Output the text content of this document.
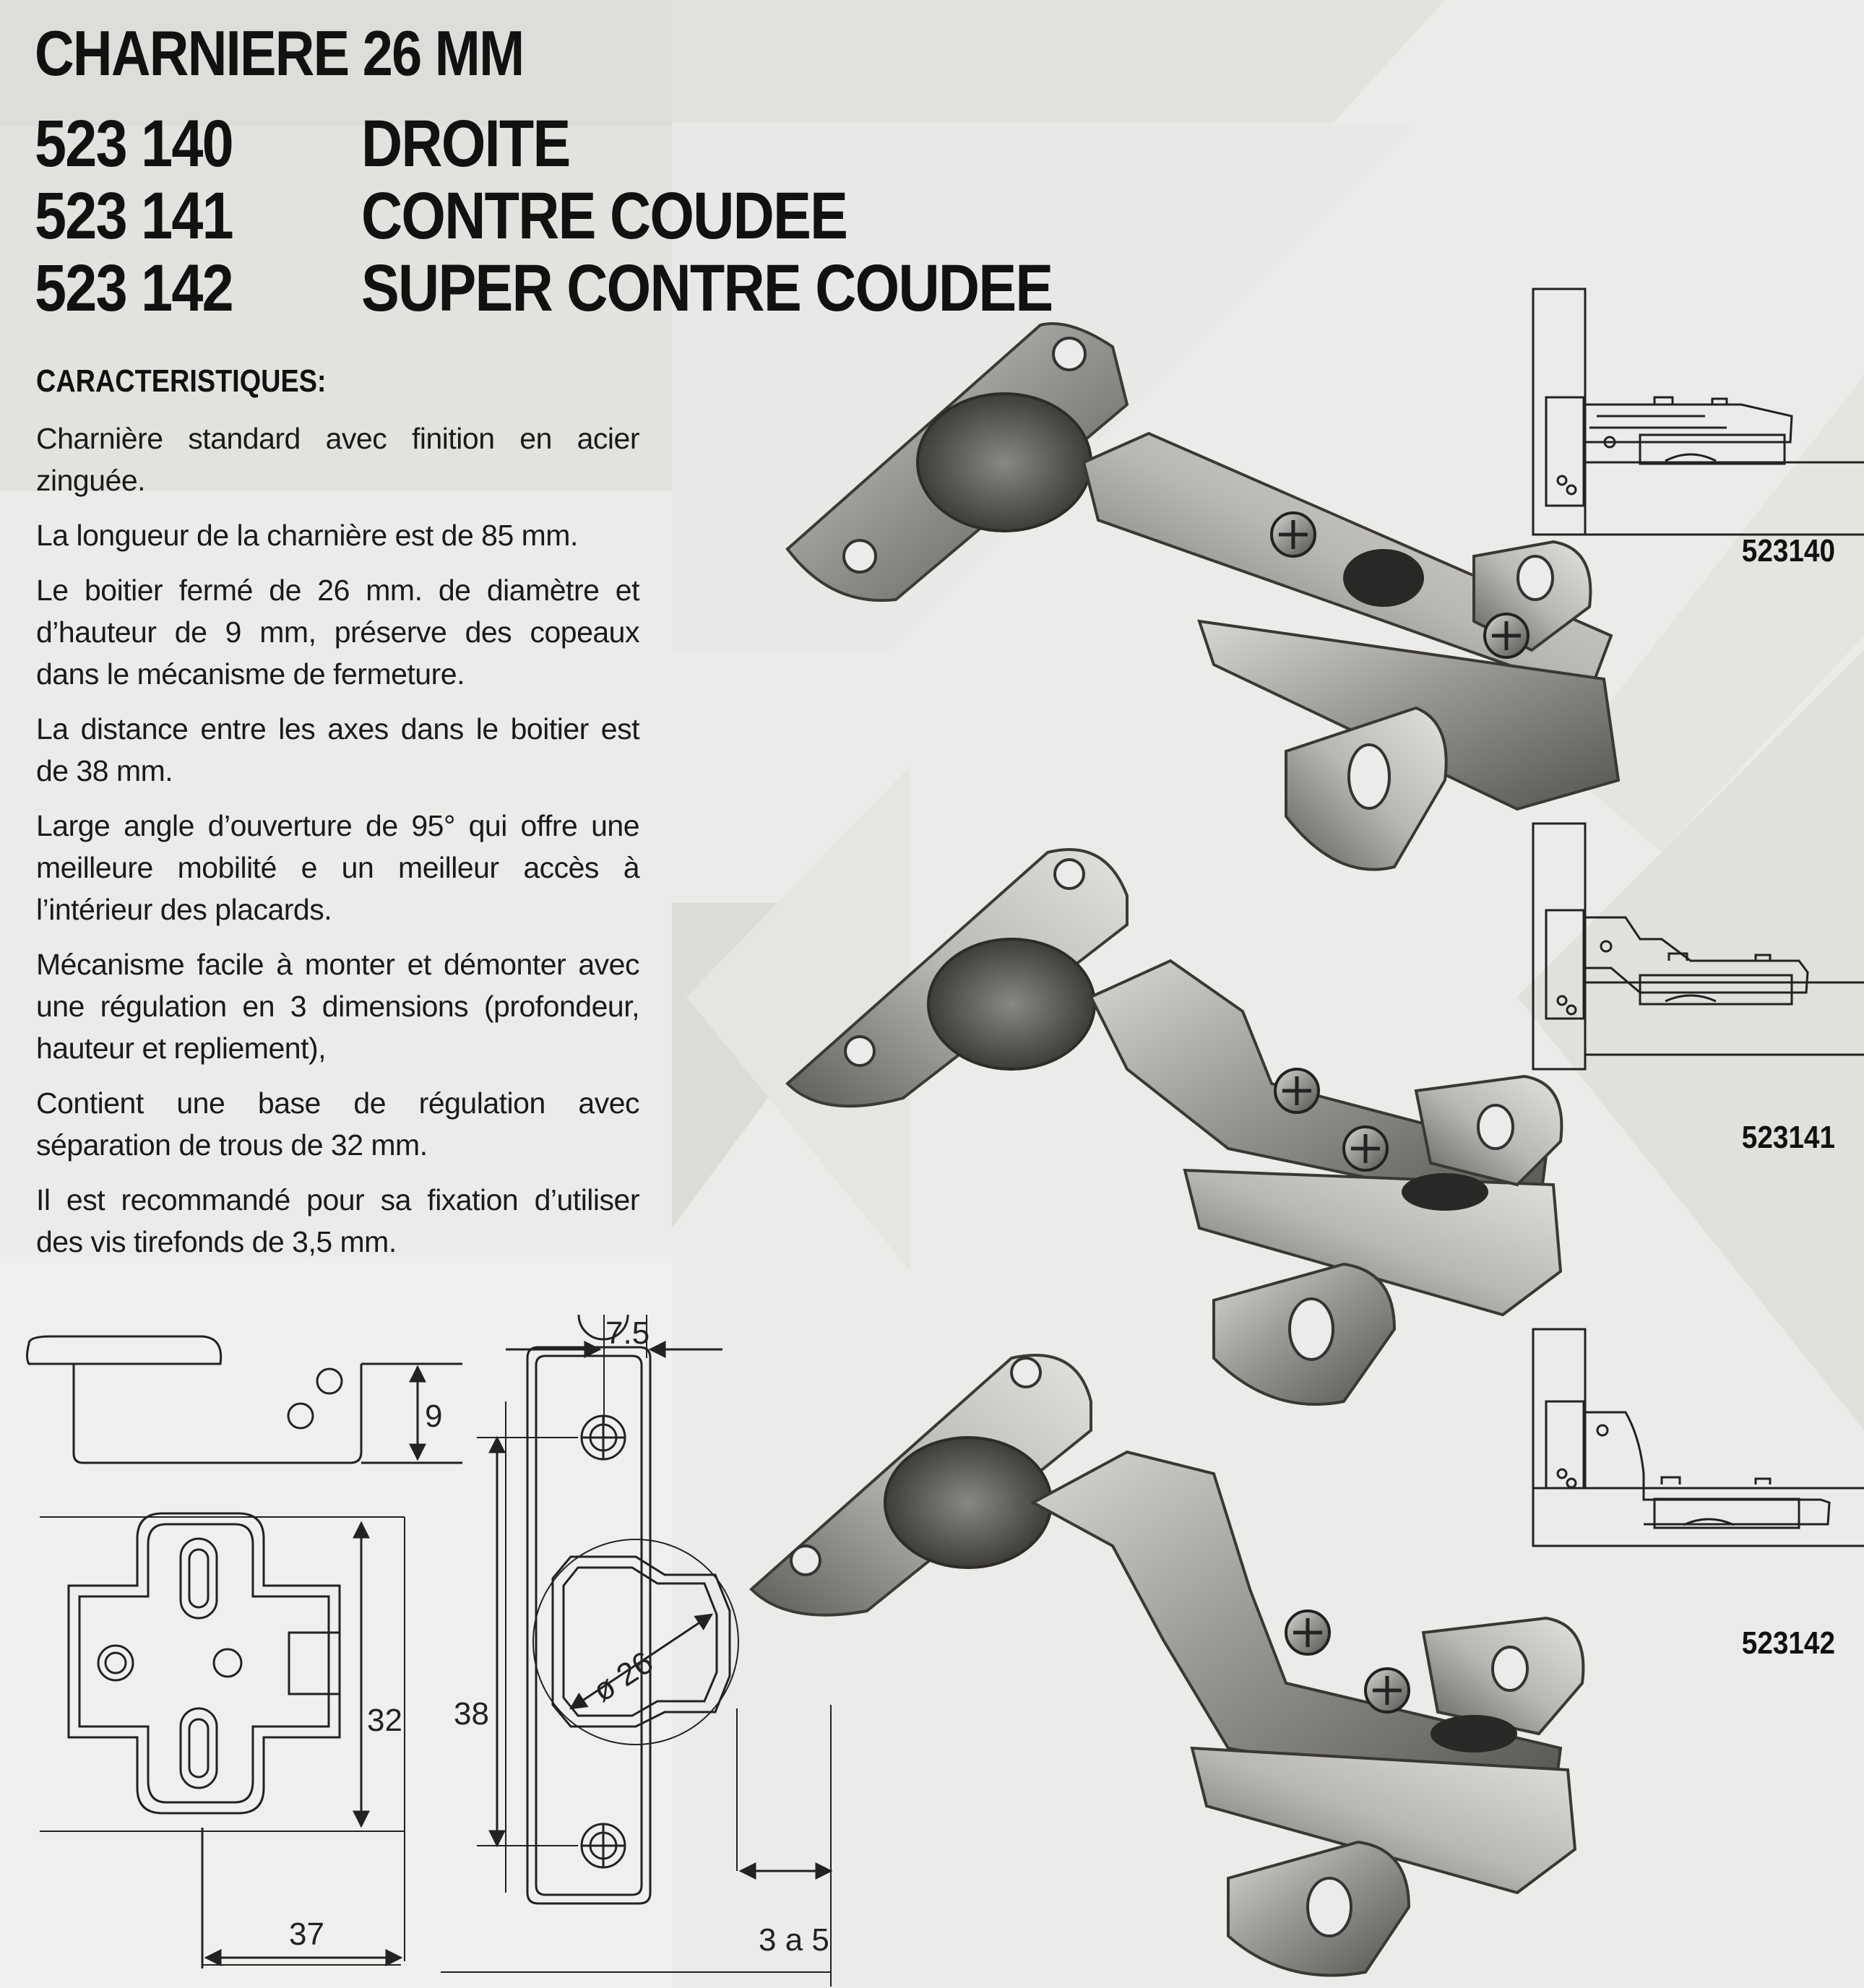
CHARNIERE 26 MM
523 140 DROITE
523 141 CONTRE COUDEE
523 142 SUPER CONTRE COUDEE
CARACTERISTIQUES:

Charnière standard avec finition en acier zinguée.

La longueur de la charnière est de 85 mm.

Le boitier fermé de 26 mm. de diamètre et d’hauteur de 9 mm, préserve des copeaux dans le mécanisme de fermeture.

La distance entre les axes dans le boitier est de 38 mm.

Large angle d’ouverture de 95° qui offre une meilleure mobilité e un meilleur accès à l’intérieur des placards.

Mécanisme facile à monter et démonter avec une régulation en 3 dimensions (profondeur, hauteur et repliement),

Contient une base de régulation avec séparation de trous de 32 mm.

Il est recommandé pour sa fixation d’utiliser des vis tirefonds de 3,5 mm.

523140
523141
523142
9
32
37
ø 26
38
7.5
3 a 5
